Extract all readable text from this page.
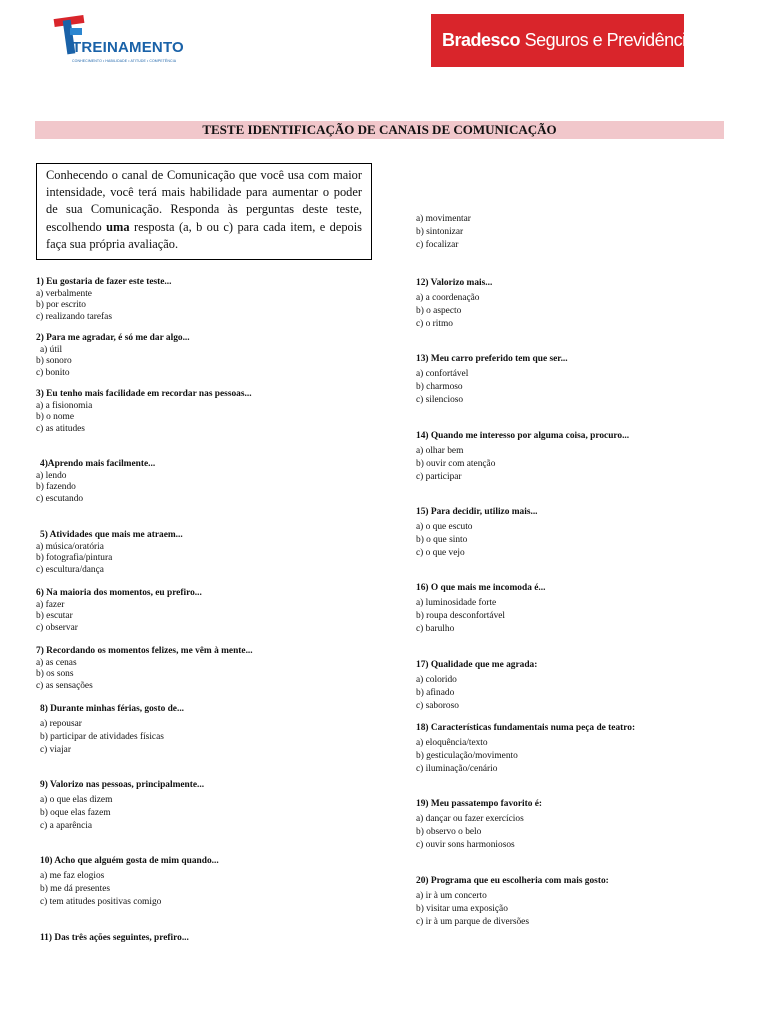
TREINAMENTO
CONHECIMENTO • HABILIDADE • ATITUDE • COMPETÊNCIA
Bradesco Seguros e Previdência
TESTE IDENTIFICAÇÃO DE CANAIS DE COMUNICAÇÃO
Conhecendo o canal de Comunicação que você usa com maior intensidade, você terá mais habilidade para aumentar o poder de sua Comunicação. Responda às perguntas deste teste, escolhendo uma resposta (a, b ou c) para cada item, e depois faça sua própria avaliação.
1) Eu gostaria de fazer este teste...
a) verbalmente
b) por escrito
c) realizando tarefas
2) Para me agradar, é só me dar algo...
a) útil
b) sonoro
c) bonito
3) Eu tenho mais facilidade em recordar nas pessoas...
a) a fisionomia
b) o nome
c) as atitudes
4)Aprendo mais facilmente...
a) lendo
b) fazendo
c) escutando
5) Atividades que mais me atraem...
a) música/oratória
b) fotografia/pintura
c) escultura/dança
6) Na maioria dos momentos, eu prefiro...
a) fazer
b) escutar
c) observar
7) Recordando os momentos felizes, me vêm à mente...
a) as cenas
b) os sons
c) as sensações
8) Durante minhas férias, gosto de...
a) repousar
b) participar de atividades físicas
c) viajar
9) Valorizo nas pessoas, principalmente...
a) o que elas dizem
b) oque elas fazem
c) a aparência
10) Acho que alguém gosta de mim quando...
a) me faz elogios
b) me dá presentes
c) tem atitudes positivas comigo
11) Das três ações seguintes, prefiro...
a) movimentar
b) sintonizar
c) focalizar
12) Valorizo mais...
a) a coordenação
b) o aspecto
c) o ritmo
13) Meu carro preferido tem que ser...
a) confortável
b) charmoso
c) silencioso
14) Quando me interesso por alguma coisa, procuro...
a) olhar bem
b) ouvir com atenção
c) participar
15) Para decidir, utilizo mais...
a) o que escuto
b) o que sinto
c) o que vejo
16) O que mais me incomoda é...
a) luminosidade forte
b) roupa desconfortável
c) barulho
17) Qualidade que me agrada:
a) colorido
b) afinado
c) saboroso
18) Características fundamentais numa peça de teatro:
a) eloquência/texto
b) gesticulação/movimento
c) iluminação/cenário
19) Meu passatempo favorito é:
a) dançar ou fazer exercícios
b) observo o belo
c) ouvir sons harmoniosos
20) Programa que eu escolheria com mais gosto:
a) ir à um concerto
b) visitar uma exposição
c) ir à um parque de diversões
